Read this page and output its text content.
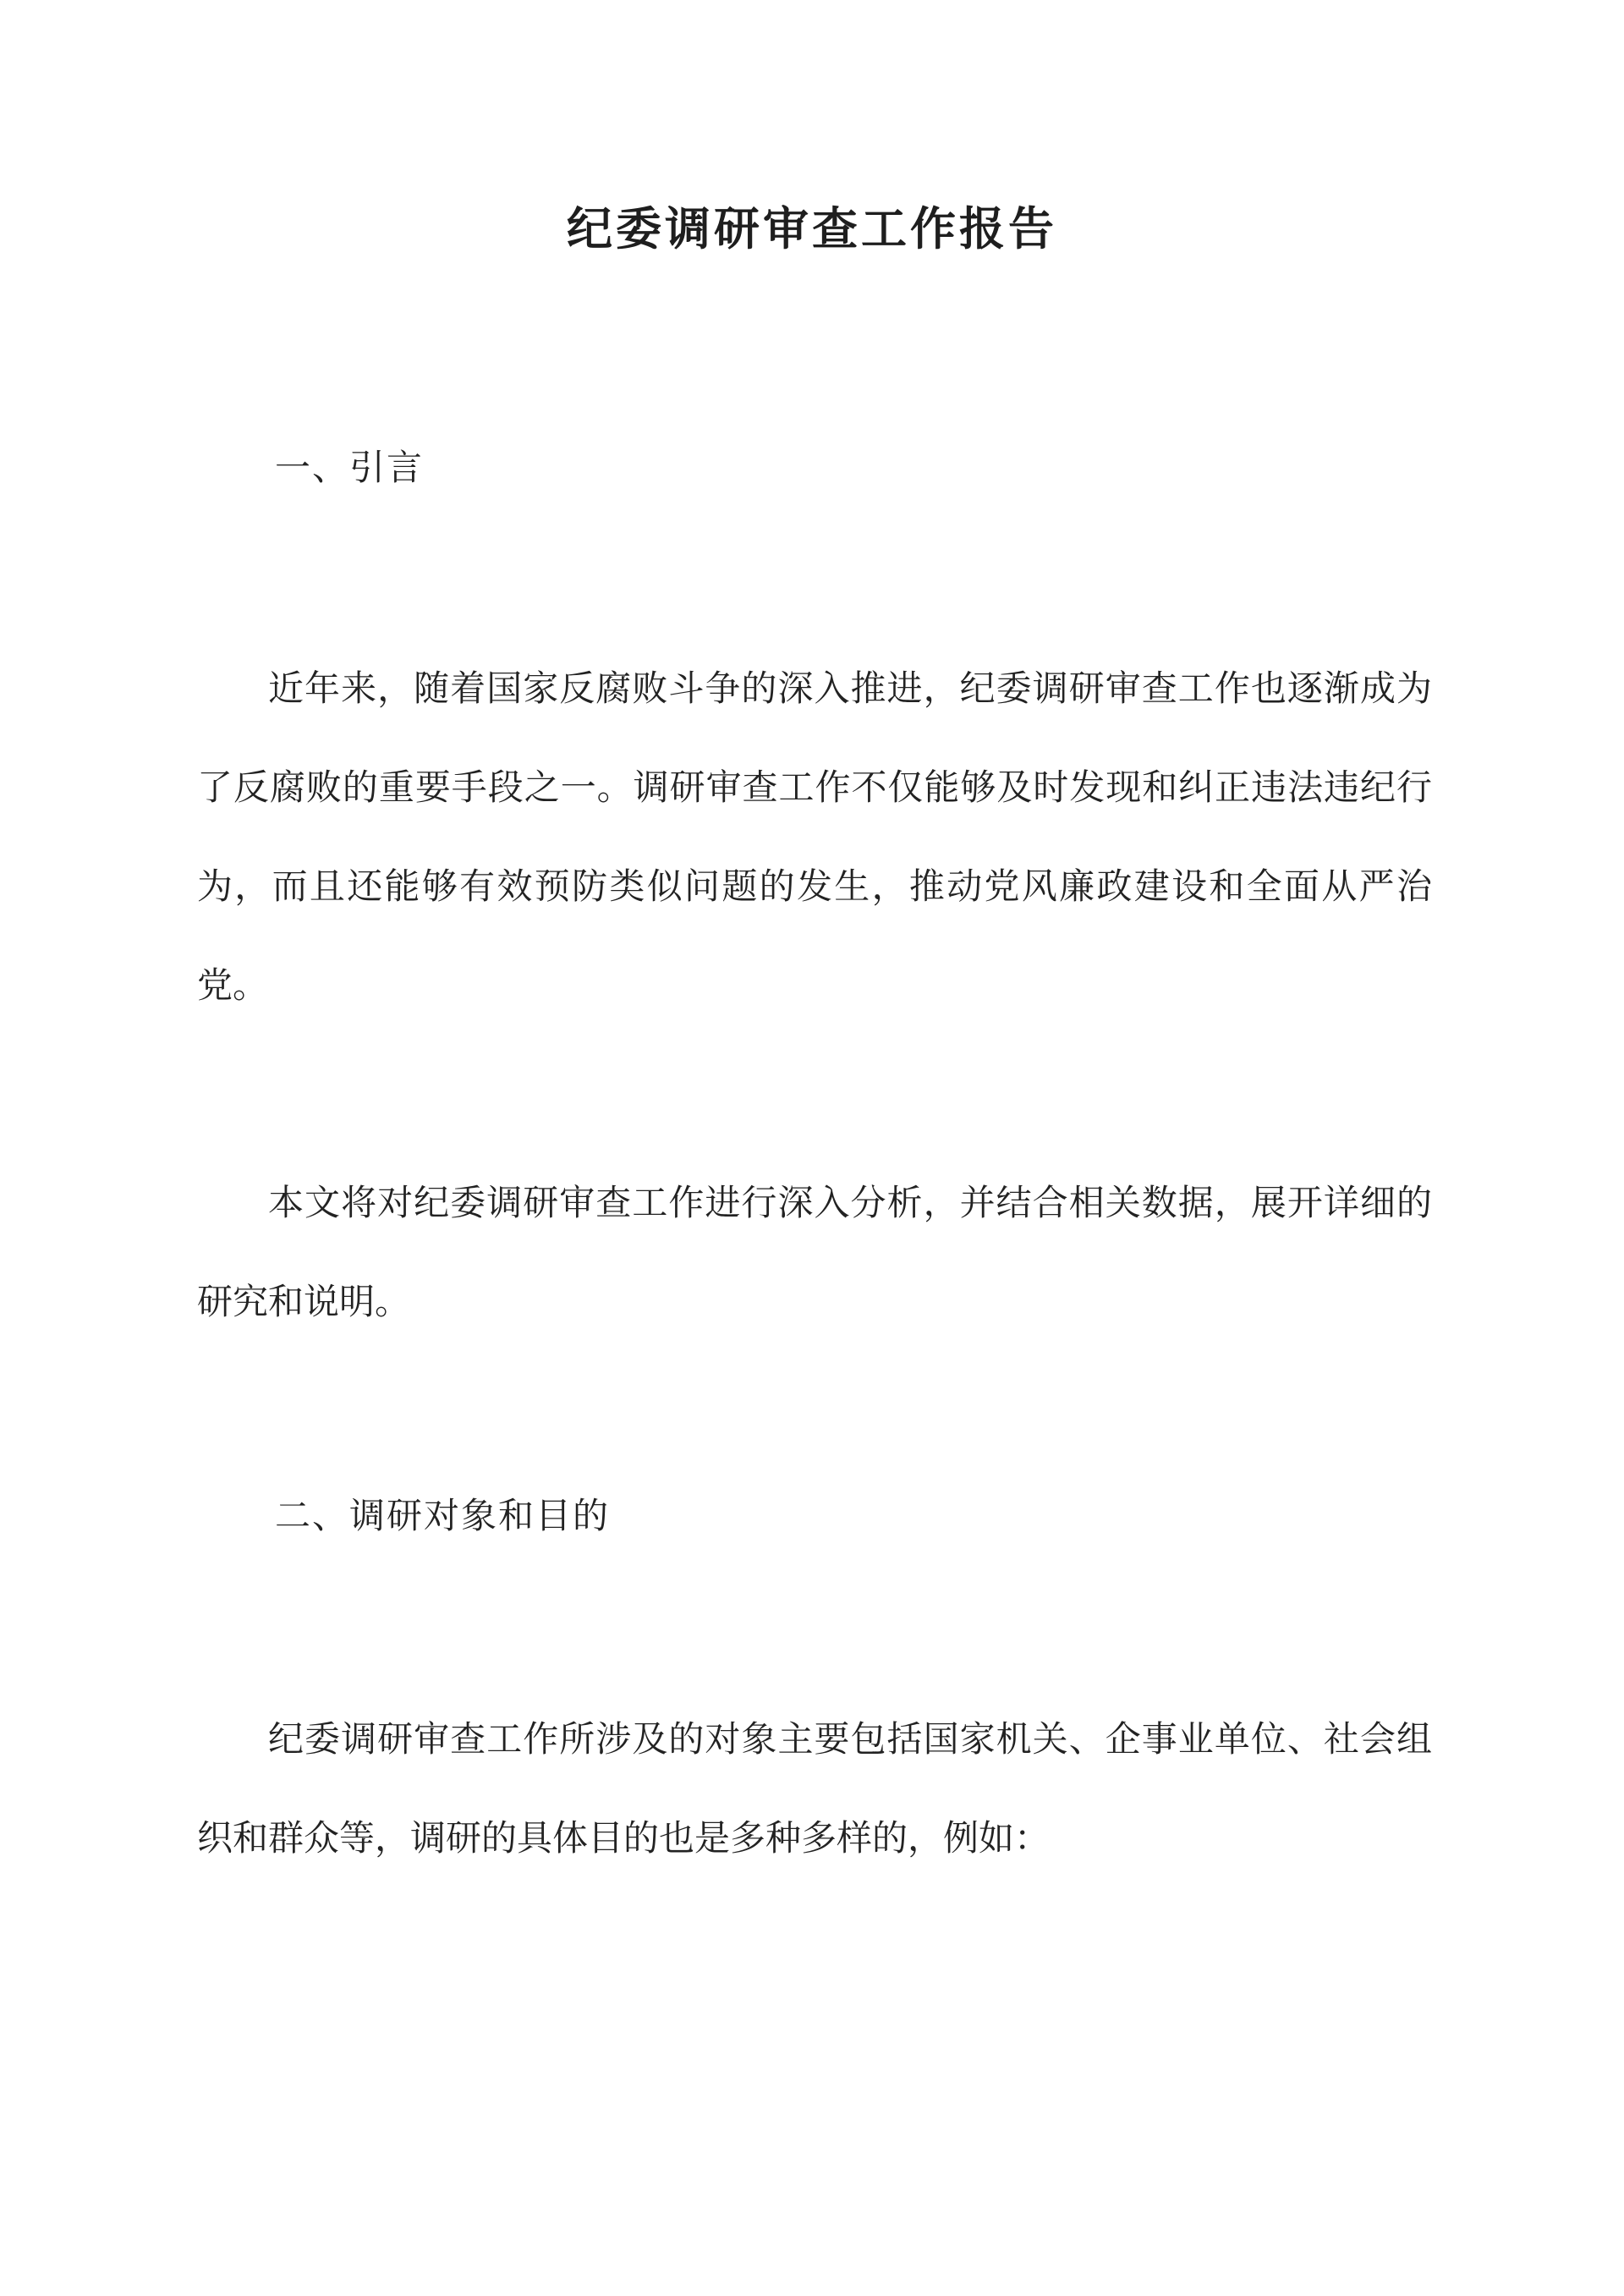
纪委调研审查工作报告
一、引言

近年来，随着国家反腐败斗争的深入推进，纪委调研审查工作也逐渐成为了反腐败的重要手段之一。调研审查工作不仅能够及时发现和纠正违法违纪行为，而且还能够有效预防类似问题的发生，推动党风廉政建设和全面从严治党。

本文将对纪委调研审查工作进行深入分析，并结合相关数据，展开详细的研究和说明。

二、调研对象和目的

纪委调研审查工作所涉及的对象主要包括国家机关、企事业单位、社会组织和群众等，调研的具体目的也是多种多样的，例如：
